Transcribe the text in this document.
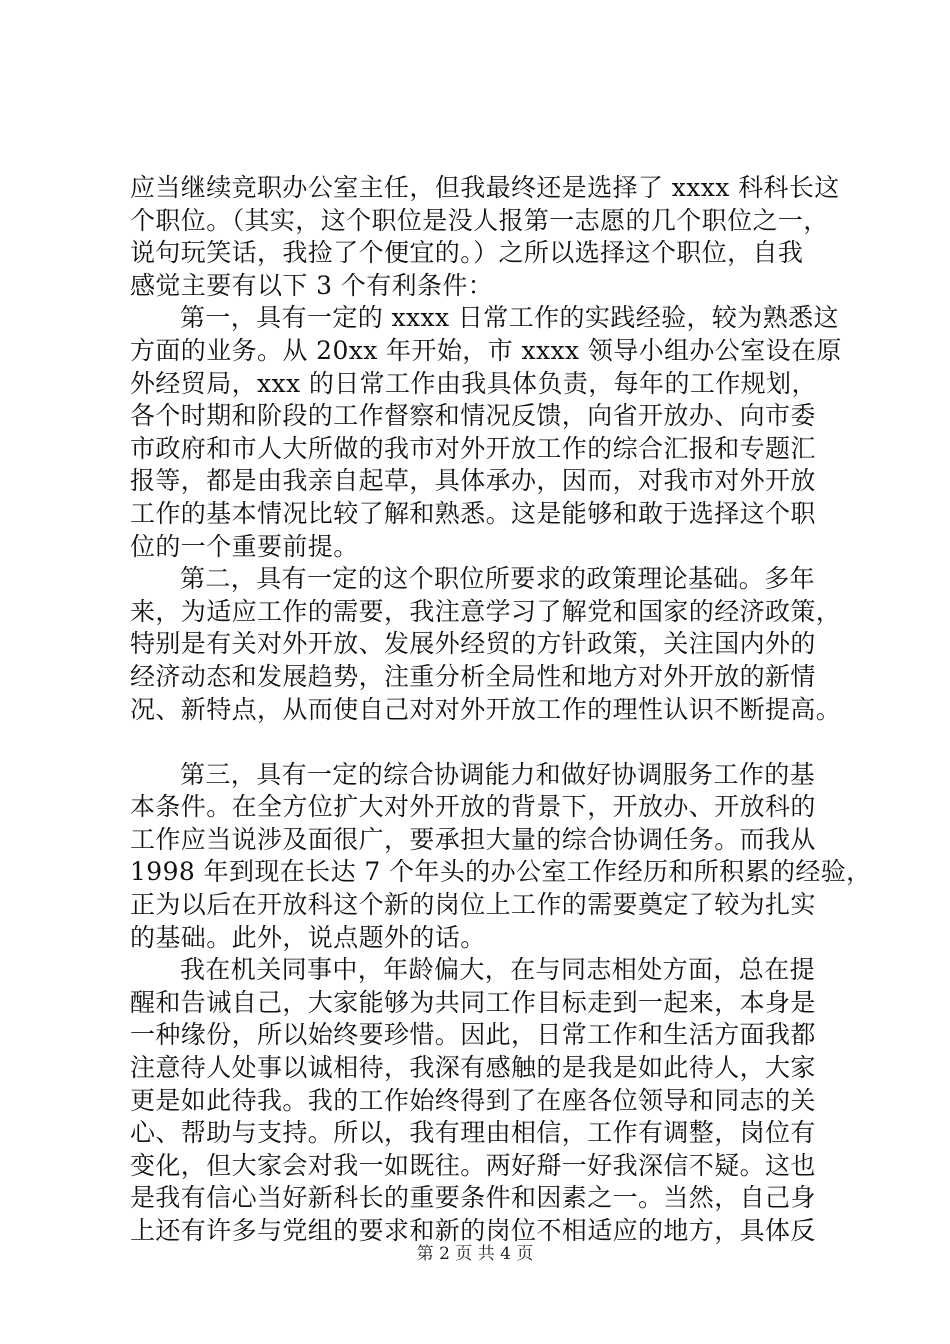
应当继续竞职办公室主任，但我最终还是选择了 xxxx 科科长这
个职位。（其实，这个职位是没人报第一志愿的几个职位之一，
说句玩笑话，我捡了个便宜的。）之所以选择这个职位，自我
感觉主要有以下 3 个有利条件：
第一，具有一定的 xxxx 日常工作的实践经验，较为熟悉这
方面的业务。从 20xx 年开始，市 xxxx 领导小组办公室设在原
外经贸局，xxx 的日常工作由我具体负责，每年的工作规划，
各个时期和阶段的工作督察和情况反馈，向省开放办、向市委
市政府和市人大所做的我市对外开放工作的综合汇报和专题汇
报等，都是由我亲自起草，具体承办，因而，对我市对外开放
工作的基本情况比较了解和熟悉。这是能够和敢于选择这个职
位的一个重要前提。
第二，具有一定的这个职位所要求的政策理论基础。多年
来，为适应工作的需要，我注意学习了解党和国家的经济政策，
特别是有关对外开放、发展外经贸的方针政策，关注国内外的
经济动态和发展趋势，注重分析全局性和地方对外开放的新情
况、新特点，从而使自己对对外开放工作的理性认识不断提高。
第三，具有一定的综合协调能力和做好协调服务工作的基
本条件。在全方位扩大对外开放的背景下，开放办、开放科的
工作应当说涉及面很广，要承担大量的综合协调任务。而我从
1998 年到现在长达 7 个年头的办公室工作经历和所积累的经验，
正为以后在开放科这个新的岗位上工作的需要奠定了较为扎实
的基础。此外，说点题外的话。
我在机关同事中，年龄偏大，在与同志相处方面，总在提
醒和告诫自己，大家能够为共同工作目标走到一起来，本身是
一种缘份，所以始终要珍惜。因此，日常工作和生活方面我都
注意待人处事以诚相待，我深有感触的是我是如此待人，大家
更是如此待我。我的工作始终得到了在座各位领导和同志的关
心、帮助与支持。所以，我有理由相信，工作有调整，岗位有
变化，但大家会对我一如既往。两好搿一好我深信不疑。这也
是我有信心当好新科长的重要条件和因素之一。当然，自己身
上还有许多与党组的要求和新的岗位不相适应的地方，具体反
第 2 页 共 4 页
